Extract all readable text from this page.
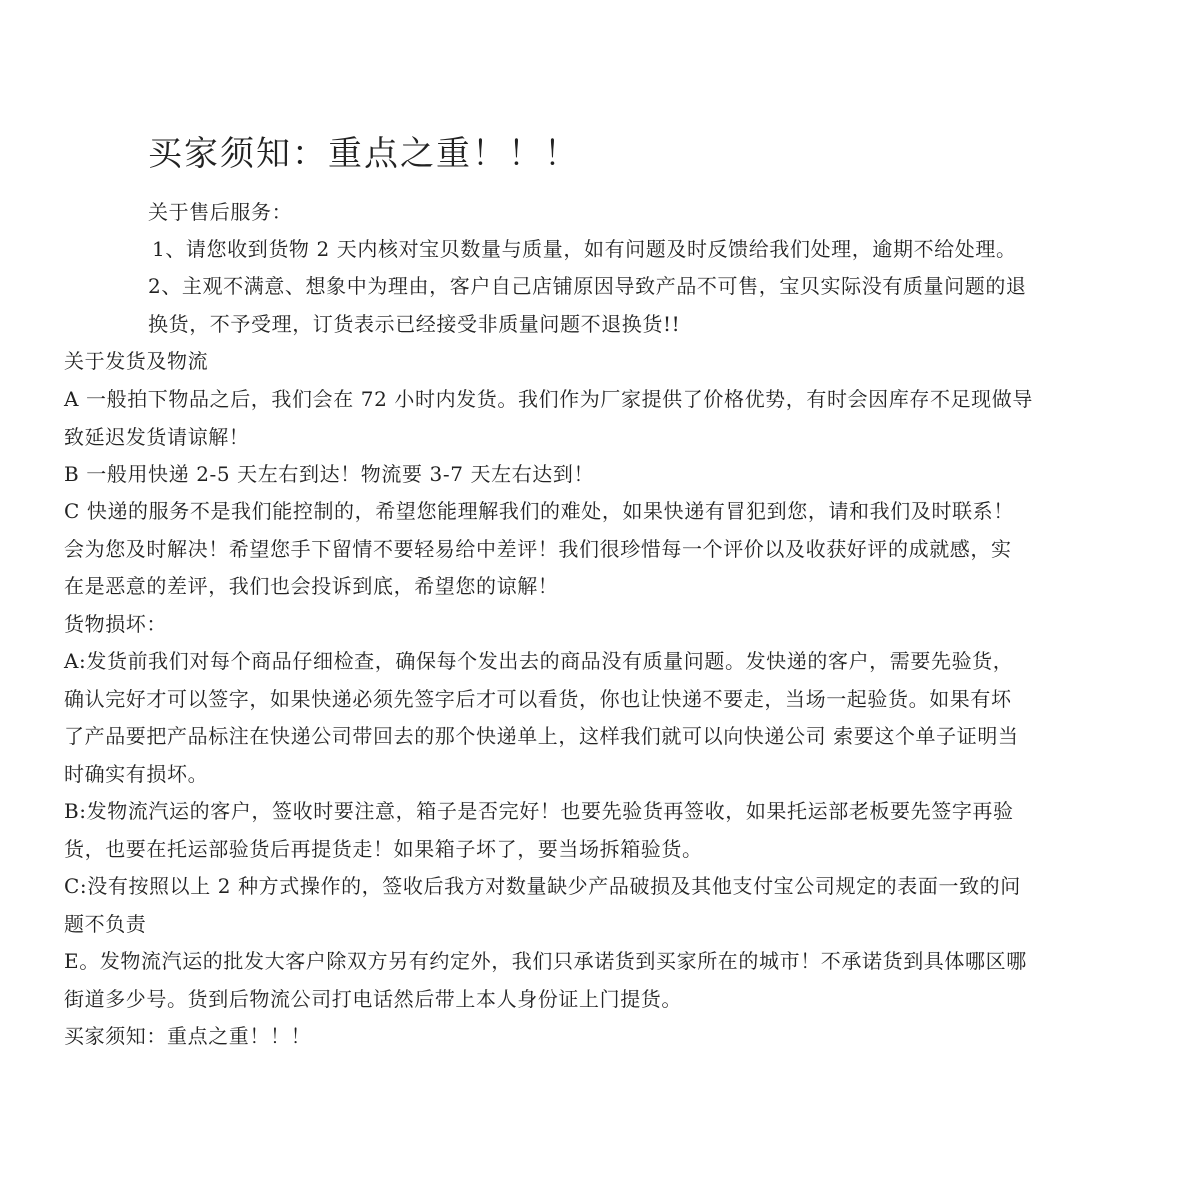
买家须知：重点之重！！！

关于售后服务：

1、请您收到货物 2 天内核对宝贝数量与质量，如有问题及时反馈给我们处理，逾期不给处理。

2、主观不满意、想象中为理由，客户自己店铺原因导致产品不可售，宝贝实际没有质量问题的退

换货，不予受理，订货表示已经接受非质量问题不退换货!!

关于发货及物流

A 一般拍下物品之后，我们会在 72 小时内发货。我们作为厂家提供了价格优势，有时会因库存不足现做导

致延迟发货请谅解！

B 一般用快递 2-5 天左右到达！物流要 3-7 天左右达到！

C 快递的服务不是我们能控制的，希望您能理解我们的难处，如果快递有冒犯到您，请和我们及时联系！

会为您及时解决！希望您手下留情不要轻易给中差评！我们很珍惜每一个评价以及收获好评的成就感，实

在是恶意的差评，我们也会投诉到底，希望您的谅解！

货物损坏：

A:发货前我们对每个商品仔细检查，确保每个发出去的商品没有质量问题。发快递的客户，需要先验货，

确认完好才可以签字，如果快递必须先签字后才可以看货，你也让快递不要走，当场一起验货。如果有坏

了产品要把产品标注在快递公司带回去的那个快递单上，这样我们就可以向快递公司 索要这个单子证明当

时确实有损坏。

B:发物流汽运的客户，签收时要注意，箱子是否完好！也要先验货再签收，如果托运部老板要先签字再验

货，也要在托运部验货后再提货走！如果箱子坏了，要当场拆箱验货。

C:没有按照以上 2 种方式操作的，签收后我方对数量缺少产品破损及其他支付宝公司规定的表面一致的问

题不负责

E。发物流汽运的批发大客户除双方另有约定外，我们只承诺货到买家所在的城市！不承诺货到具体哪区哪

街道多少号。货到后物流公司打电话然后带上本人身份证上门提货。

买家须知：重点之重！！！
